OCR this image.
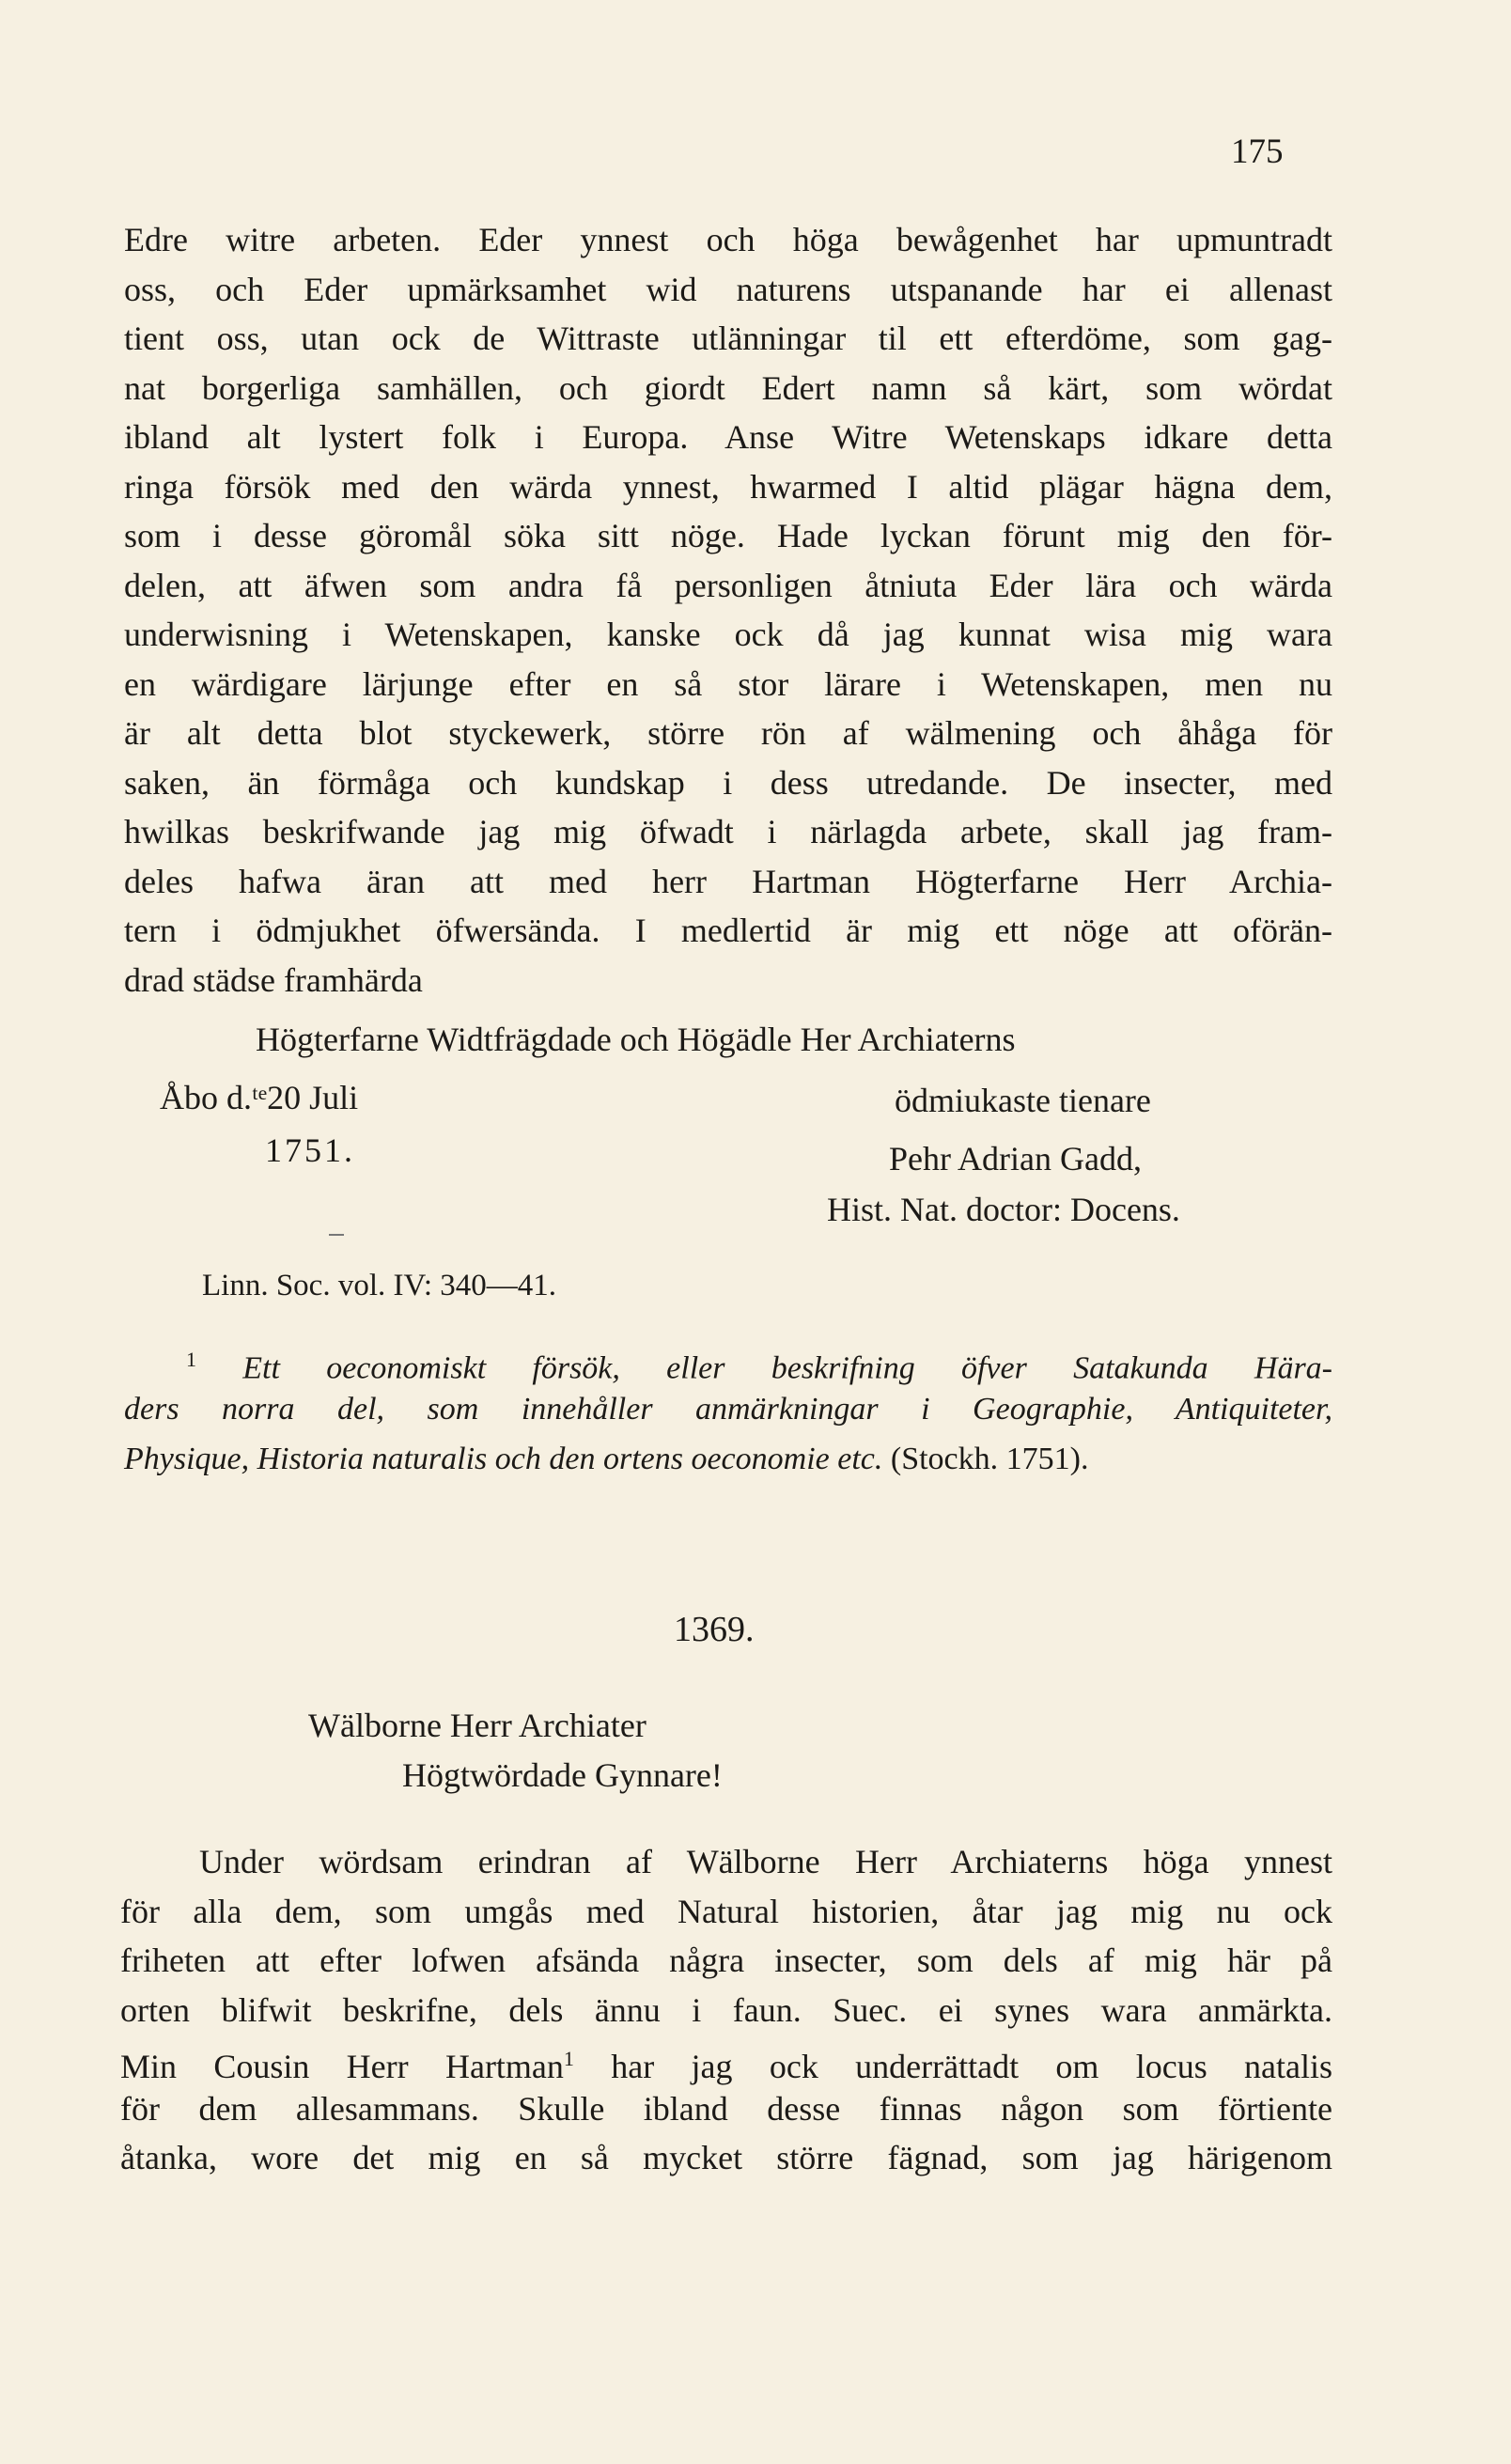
175
Edre witre arbeten. Eder ynnest och höga bewågenhet har upmuntradt
oss, och Eder upmärksamhet wid naturens utspanande har ei allenast
tient oss, utan ock de Wittraste utlänningar til ett efterdöme, som gag-
nat borgerliga samhällen, och giordt Edert namn så kärt, som wördat
ibland alt lystert folk i Europa. Anse Witre Wetenskaps idkare detta
ringa försök med den wärda ynnest, hwarmed I altid plägar hägna dem,
som i desse göromål söka sitt nöge. Hade lyckan förunt mig den för-
delen, att äfwen som andra få personligen åtniuta Eder lära och wärda
underwisning i Wetenskapen, kanske ock då jag kunnat wisa mig wara
en wärdigare lärjunge efter en så stor lärare i Wetenskapen, men nu
är alt detta blot styckewerk, större rön af wälmening och åhåga för
saken, än förmåga och kundskap i dess utredande. De insecter, med
hwilkas beskrifwande jag mig öfwadt i närlagda arbete, skall jag fram-
deles hafwa äran att med herr Hartman Högterfarne Herr Archia-
tern i ödmjukhet öfwersända. I medlertid är mig ett nöge att oförän-
drad städse framhärda
Högterfarne Widtfrägdade och Högädle Her Archiaterns
Åbo d.ᵗᵉ20 Juli
1751.
ödmiukaste tienare
Pehr Adrian Gadd,
Hist. Nat. doctor: Docens.
Linn. Soc. vol. IV: 340—41.
$^1$ Ett oeconomiskt försök, eller beskrifning öfver Satakunda Härа-
ders norra del, som innehåller anmärkningar i Geographie, Antiquiteter,
Physique, Historia naturalis och den ortens oeconomie etc. (Stockh. 1751).
1369.
Wälborne Herr Archiater
Högtwördade Gynnare!
Under wördsam erindran af Wälborne Herr Archiaterns höga ynnest
för alla dem, som umgås med Natural historien, åtar jag mig nu ock
friheten att efter lofwen afsända några insecter, som dels af mig här på
orten blifwit beskrifne, dels ännu i faun. Suec. ei synes wara anmärkta.
Min Cousin Herr Hartman$^1$ har jag ock underrättadt om locus natalis
för dem allesammans. Skulle ibland desse finnas någon som förtiente
åtanka, wore det mig en så mycket större fägnad, som jag härigenom
